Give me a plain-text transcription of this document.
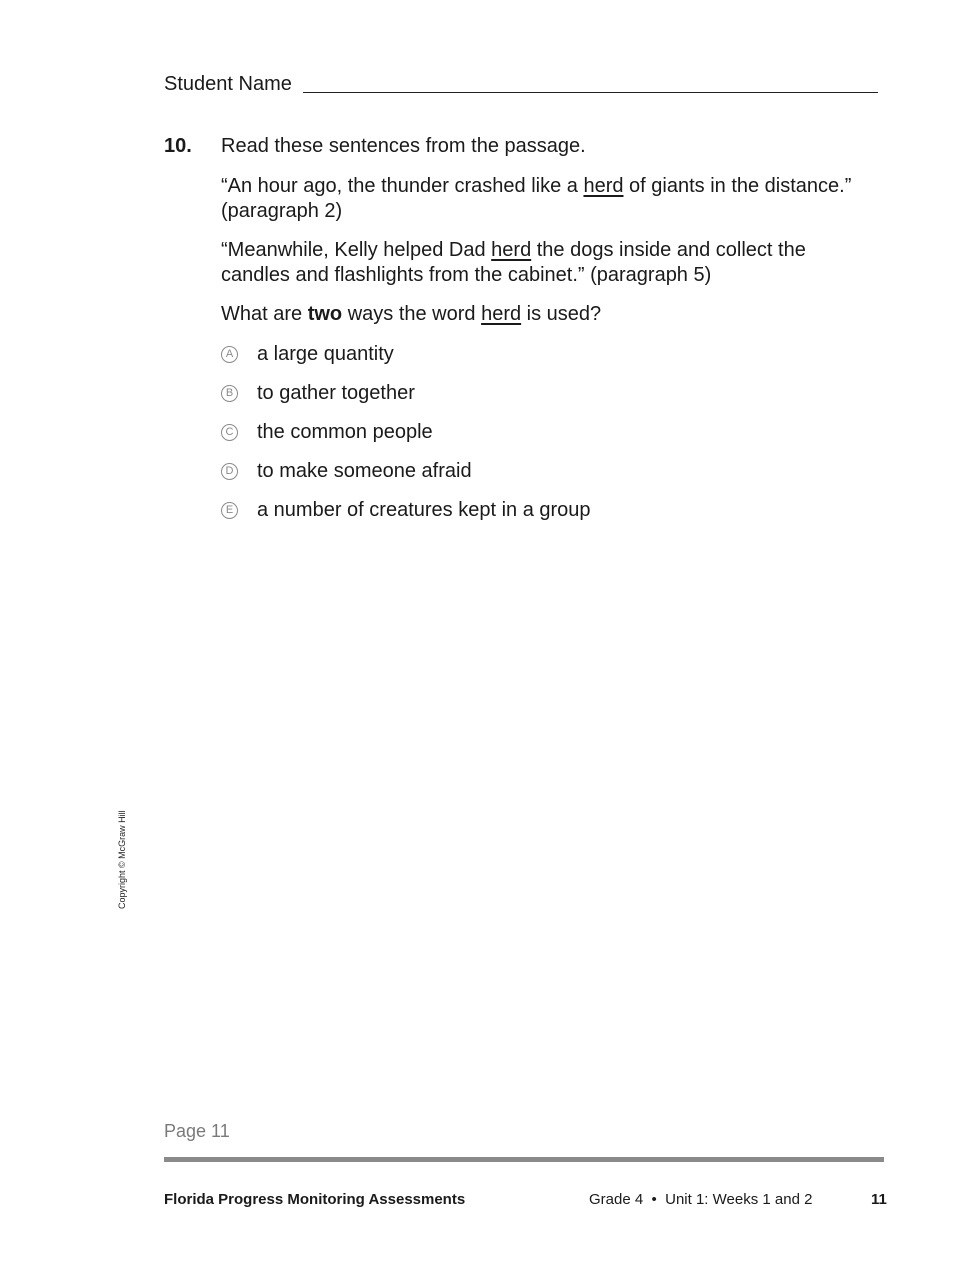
Student Name
10. Read these sentences from the passage.
“An hour ago, the thunder crashed like a herd of giants in the distance.” (paragraph 2)
“Meanwhile, Kelly helped Dad herd the dogs inside and collect the candles and flashlights from the cabinet.” (paragraph 5)
What are two ways the word herd is used?
A a large quantity
B to gather together
C the common people
D to make someone afraid
E a number of creatures kept in a group
Copyright © McGraw Hill
Page 11
Florida Progress Monitoring Assessments	Grade 4  •  Unit 1: Weeks 1 and 2	11
